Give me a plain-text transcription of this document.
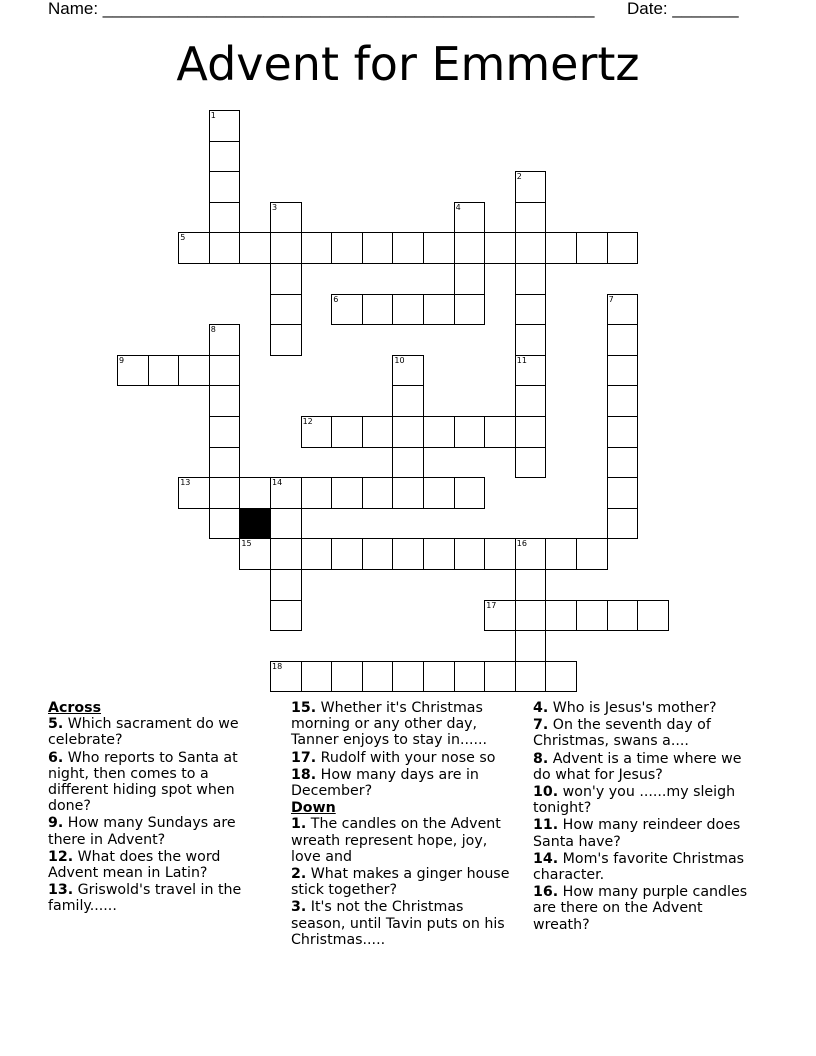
Name: ____________________________________________________ Date: _______
Advent for Emmertz
5
6
9
12
13	14
15	16
17
18
1
2
3	4
7
8
10	11
Across
5. Which sacrament do we celebrate?
6. Who reports to Santa at night, then comes to a different hiding spot when done?
9. How many Sundays are there in Advent?
12. What does the word Advent mean in Latin?
13. Griswold's travel in the family......
15. Whether it's Christmas morning or any other day, Tanner enjoys to stay in......
17. Rudolf with your nose so
18. How many days are in December?
Down
1. The candles on the Advent wreath represent hope, joy, love and
2. What makes a ginger house stick together?
3. It's not the Christmas season, until Tavin puts on his Christmas.....
4. Who is Jesus's mother?
7. On the seventh day of Christmas, swans a....
8. Advent is a time where we do what for Jesus?
10. won'y you ......my sleigh tonight?
11. How many reindeer does Santa have?
14. Mom's favorite Christmas character.
16. How many purple candles are there on the Advent wreath?
